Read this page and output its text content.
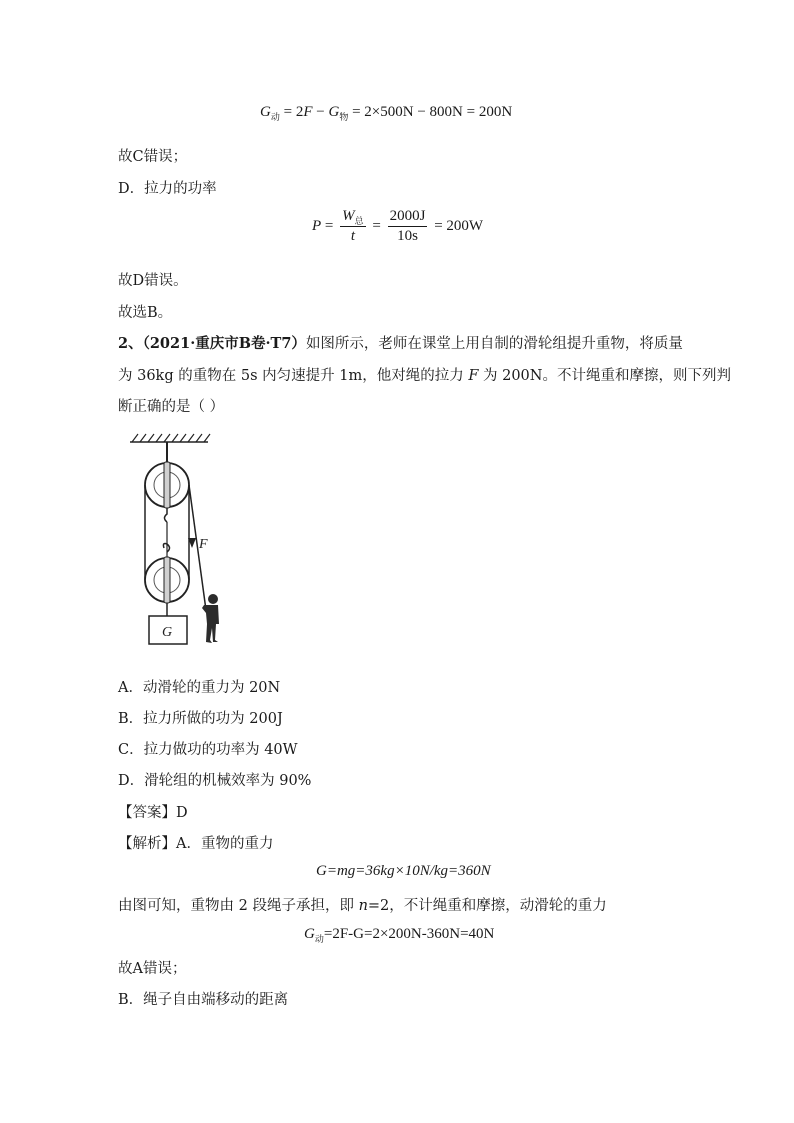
$G_动 = 2F - G_物 = 2\times 500N - 800N = 200N$
故C错误；
D．拉力的功率
$P = \frac{W_总}{t} = \frac{2000J}{10s} = 200W$
故D错误。
故选B。
2、（2021·重庆市B卷·T7）如图所示，老师在课堂上用自制的滑轮组提升重物，将质量
为 36kg 的重物在 5s 内匀速提升 1m，他对绳的拉力 F 为 200N。不计绳重和摩擦，则下列判
断正确的是（ ）
F
G
A．动滑轮的重力为 20N
B．拉力所做的功为 200J
C．拉力做功的功率为 40W
D．滑轮组的机械效率为 90%
【答案】D
【解析】A．重物的重力
G=mg=36kg×10N/kg=360N
由图可知，重物由 2 段绳子承担，即 n=2，不计绳重和摩擦，动滑轮的重力
$G_动=2F-G=2\times 200N-360N=40N$
故A错误；
B．绳子自由端移动的距离
